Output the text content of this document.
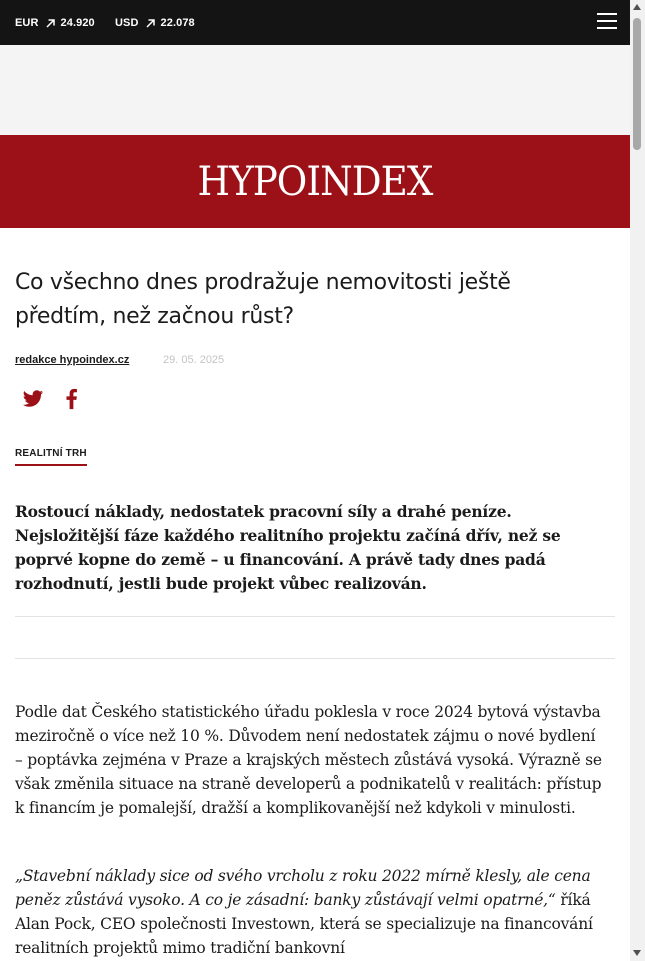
EUR 24.920 USD 22.078
HYPOINDEX
Co všechno dnes prodražuje nemovitosti ještě předtím, než začnou růst?
redakce hypoindex.cz	29. 05. 2025
REALITNÍ TRH

Rostoucí náklady, nedostatek pracovní síly a drahé peníze. Nejsložitější fáze každého realitního projektu začíná dřív, než se poprvé kopne do země – u financování. A právě tady dnes padá rozhodnutí, jestli bude projekt vůbec realizován.

Podle dat Českého statistického úřadu poklesla v roce 2024 bytová výstavba meziročně o více než 10 %. Důvodem není nedostatek zájmu o nové bydlení – poptávka zejména v Praze a krajských městech zůstává vysoká. Výrazně se však změnila situace na straně developerů a podnikatelů v realitách: přístup k financím je pomalejší, dražší a komplikovanější než kdykoli v minulosti.

„Stavební náklady sice od svého vrcholu z roku 2022 mírně klesly, ale cena peněz zůstává vysoko. A co je zásadní: banky zůstávají velmi opatrné,“ říká Alan Pock, CEO společnosti Investown, která se specializuje na financování realitních projektů mimo tradiční bankovní
